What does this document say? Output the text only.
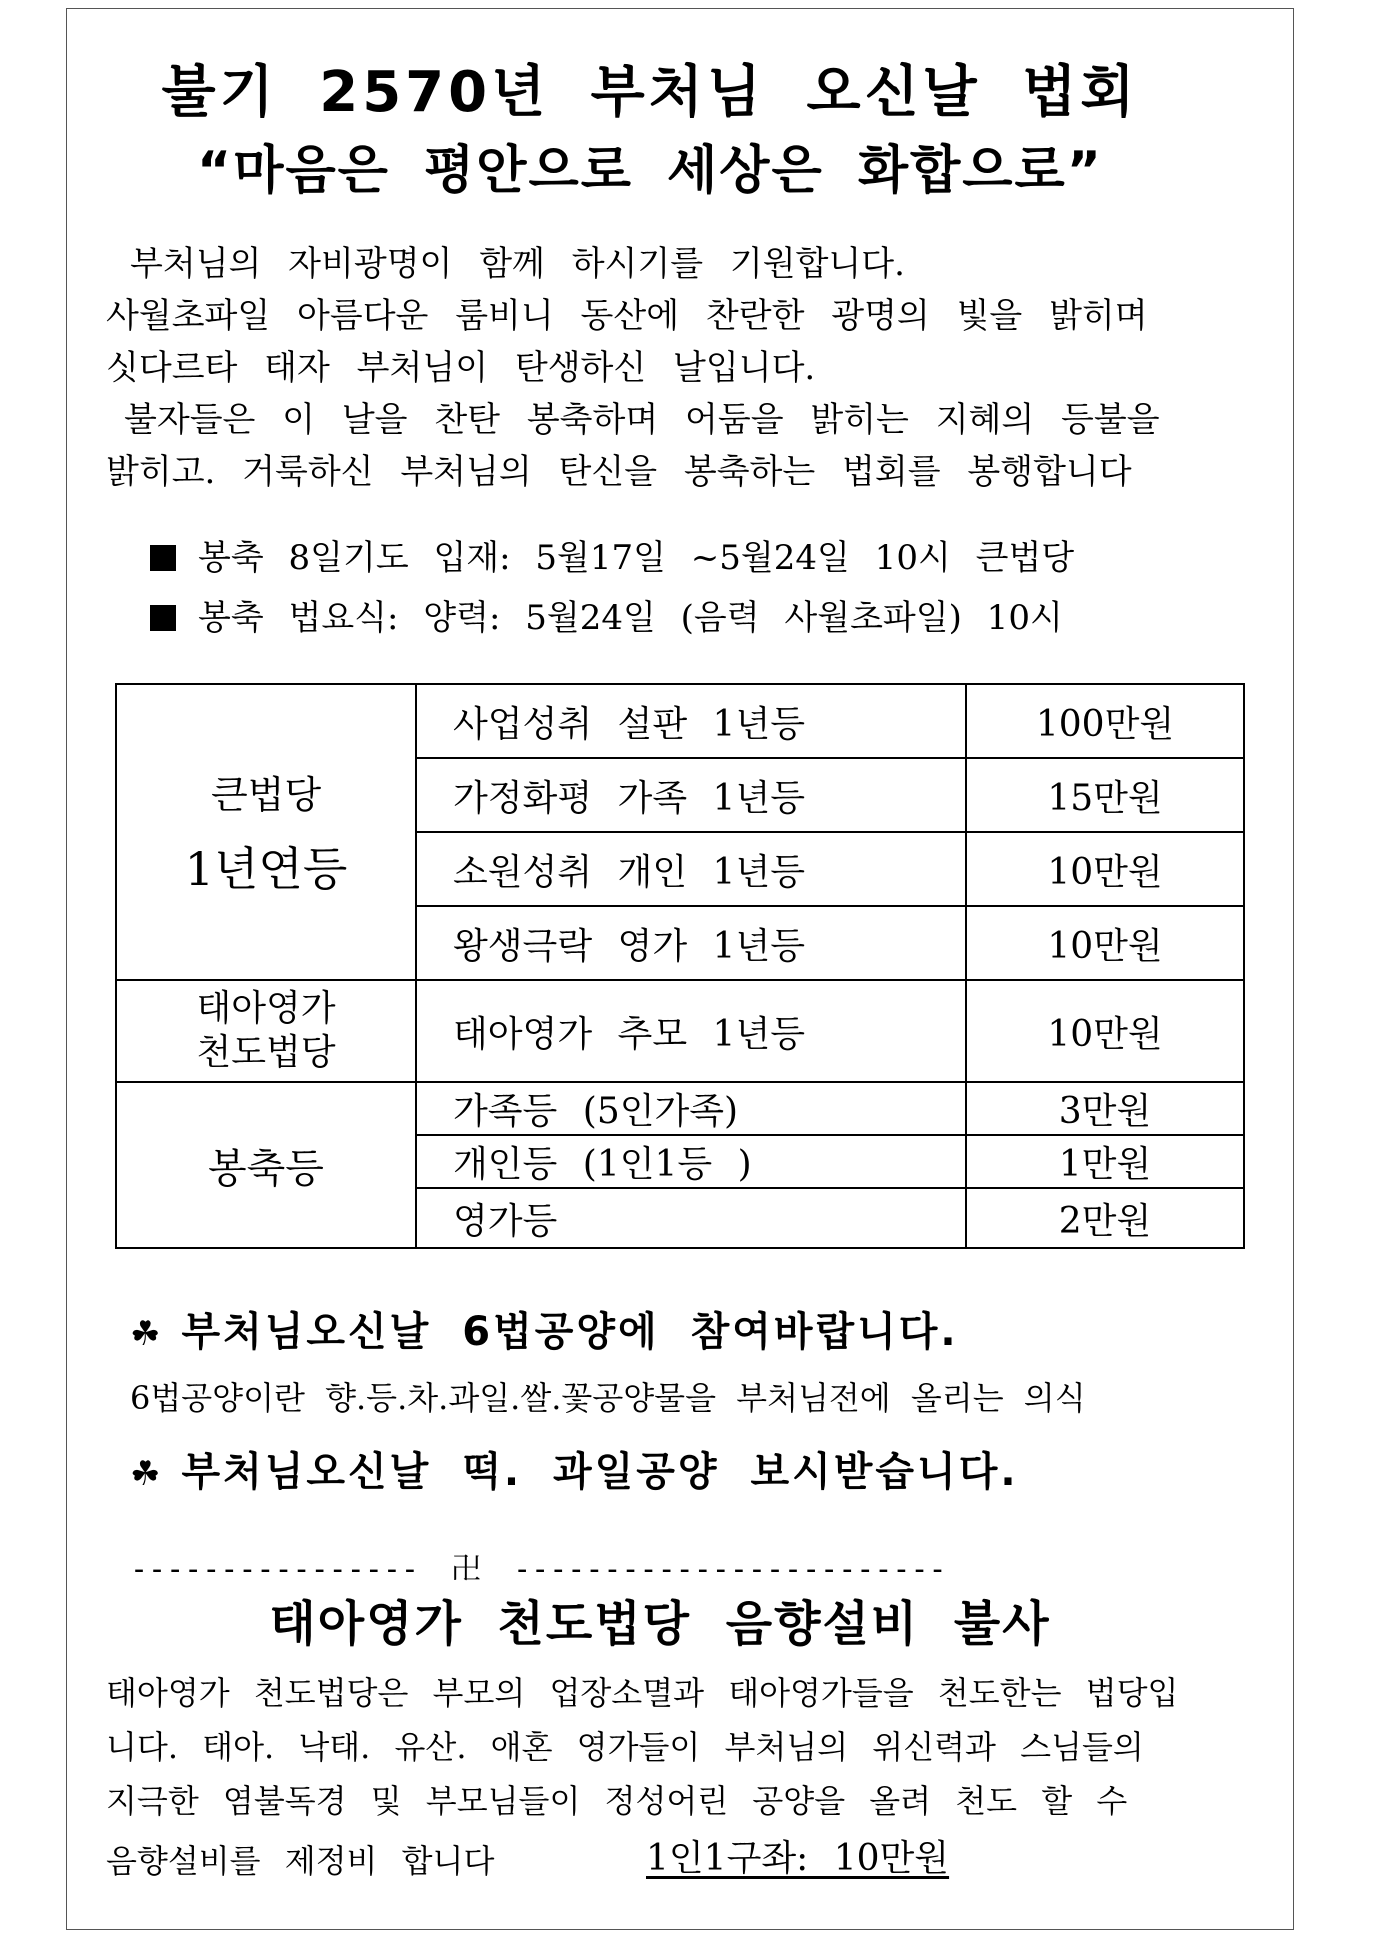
불기 2570년 부처님 오신날 법회
“마음은 평안으로 세상은 화합으로”
부처님의 자비광명이 함께 하시기를 기원합니다.
사월초파일 아름다운 룸비니 동산에 찬란한 광명의 빛을 밝히며
싯다르타 태자 부처님이 탄생하신 날입니다.
불자들은 이 날을 찬탄 봉축하며 어둠을 밝히는 지혜의 등불을
밝히고. 거룩하신 부처님의 탄신을 봉축하는 법회를 봉행합니다
봉축 8일기도 입재: 5월17일 ~5월24일 10시 큰법당
봉축 법요식: 양력: 5월24일 (음력 사월초파일) 10시
큰법당
1년연등	사업성취 설판 1년등	100만원
	가정화평 가족 1년등	15만원
	소원성취 개인 1년등	10만원
	왕생극락 영가 1년등	10만원

태아영가
천도법당	태아영가 추모 1년등	10만원
봉축등	가족등 (5인가족)	3만원
	개인등 (1인1등 )	1만원
	영가등	2만원
☘ 부처님오신날 6법공양에 참여바랍니다.
6법공양이란 향.등.차.과일.쌀.꽃공양물을 부처님전에 올리는 의식
☘ 부처님오신날 떡. 과일공양 보시받습니다.
---------------- 卍 ------------------------
태아영가 천도법당 음향설비 불사
태아영가 천도법당은 부모의 업장소멸과 태아영가들을 천도한는 법당입
니다. 태아. 낙태. 유산. 애혼 영가들이 부처님의 위신력과 스님들의
지극한 염불독경 및 부모님들이 정성어린 공양을 올려 천도 할 수
음향설비를 제정비 합니다	1인1구좌: 10만원
